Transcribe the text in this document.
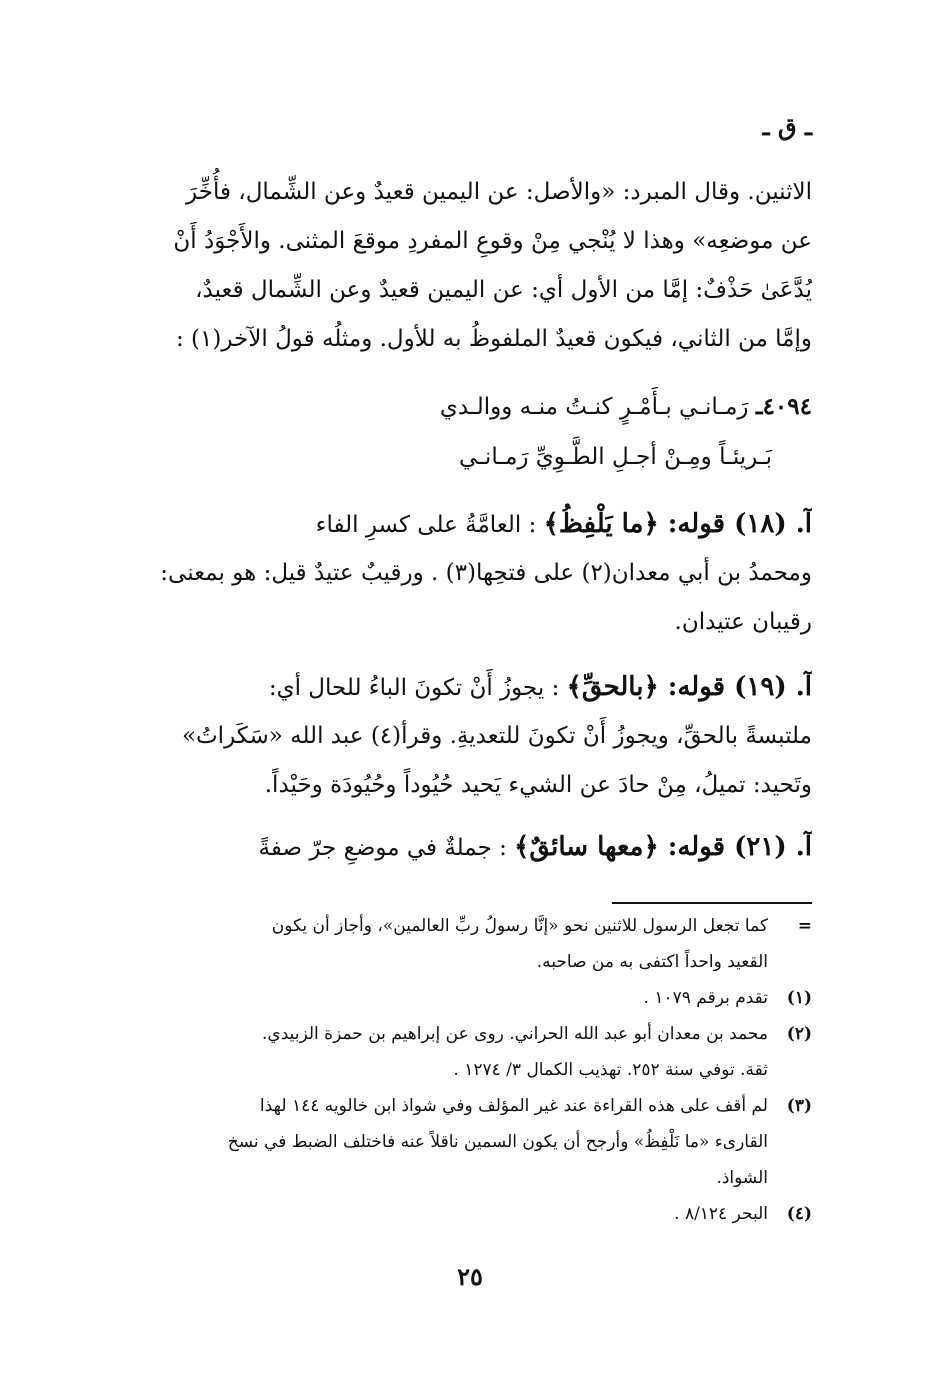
ـ ق ـ
الاثنين. وقال المبرد: «والأصل: عن اليمين قعيدٌ وعن الشِّمال، فأُخِّرَ
عن موضعِه» وهذا لا يُنْجي مِنْ وقوعِ المفردِ موقعَ المثنى. والأَجْوَدُ أَنْ
يُدَّعَىٰ حَذْفٌ: إمَّا من الأول أي: عن اليمين قعيدٌ وعن الشِّمال قعيدٌ،
وإمَّا من الثاني، فيكون قعيدٌ الملفوظُ به للأول. ومثلُه قولُ الآخر(١) :
٤٠٩٤ـ رَمـانـي بـأَمْـرٍ كنـتُ منـه ووالـدي
بَـريئـاً ومِـنْ أجـلِ الطَّـوِيِّ رَمـانـي
آ. (١٨) قوله: ﴿ما يَلْفِظُ﴾ : العامَّةُ على كسرِ الفاء
ومحمدُ بن أبي معدان(٢) على فتحِها(٣) . ورقيبٌ عتيدٌ قيل: هو بمعنى:
رقيبان عتيدان.
آ. (١٩) قوله: ﴿بالحقِّ﴾ : يجوزُ أَنْ تكونَ الباءُ للحال أي:
ملتبسةً بالحقِّ، ويجوزُ أَنْ تكونَ للتعديةِ. وقرأ(٤) عبد الله «سَكَراتُ»
وتَحيد: تميلُ، مِنْ حادَ عن الشيء يَحيد حُيُوداً وحُيُودَة وحَيْداً.
آ. (٢١) قوله: ﴿معها سائقٌ﴾ : جملةٌ في موضعِ جرّ صفةً
=
كما تجعل الرسول للاثنين نحو «إنَّا رسولُ ربِّ العالمين»، وأجاز أن يكون
القعيد واحداً اكتفى به من صاحبه.
(١)
تقدم برقم ١٠٧٩ .
(٢)
محمد بن معدان أبو عبد الله الحراني. روى عن إبراهيم بن حمزة الزبيدي.
ثقة. توفي سنة ٢٥٢. تهذيب الكمال ٣/ ١٢٧٤ .
(٣)
لم أقف على هذه القراءة عند غير المؤلف وفي شواذ ابن خالويه ١٤٤ لهذا
القارىء «ما نَلْفِظُ» وأرجح أن يكون السمين ناقلاً عنه فاختلف الضبط في نسخ
الشواذ.
(٤)
البحر ٨/١٢٤ .
٢٥
